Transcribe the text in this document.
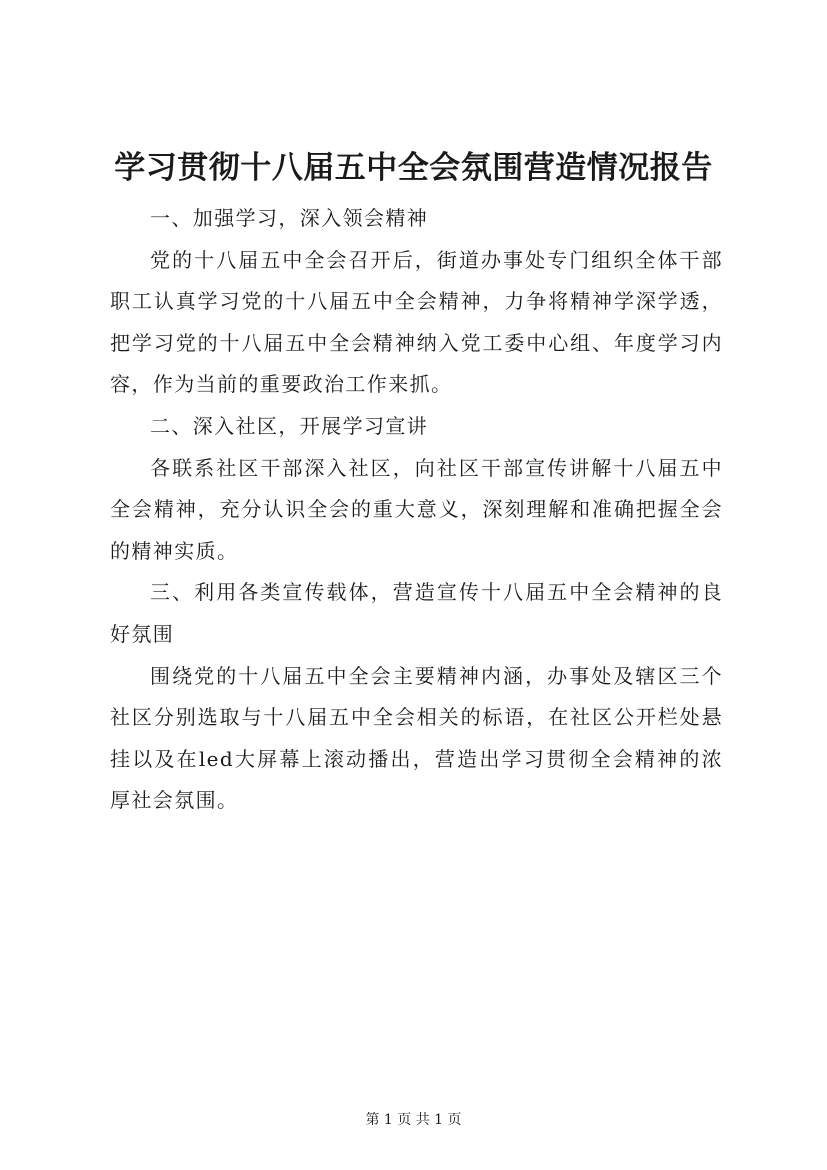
学习贯彻十八届五中全会氛围营造情况报告

一、加强学习，深入领会精神

党的十八届五中全会召开后，街道办事处专门组织全体干部职工认真学习党的十八届五中全会精神，力争将精神学深学透，把学习党的十八届五中全会精神纳入党工委中心组、年度学习内容，作为当前的重要政治工作来抓。

二、深入社区，开展学习宣讲

各联系社区干部深入社区，向社区干部宣传讲解十八届五中全会精神，充分认识全会的重大意义，深刻理解和准确把握全会的精神实质。

三、利用各类宣传载体，营造宣传十八届五中全会精神的良好氛围

围绕党的十八届五中全会主要精神内涵，办事处及辖区三个社区分别选取与十八届五中全会相关的标语，在社区公开栏处悬挂以及在led大屏幕上滚动播出，营造出学习贯彻全会精神的浓厚社会氛围。

第 1 页 共 1 页
